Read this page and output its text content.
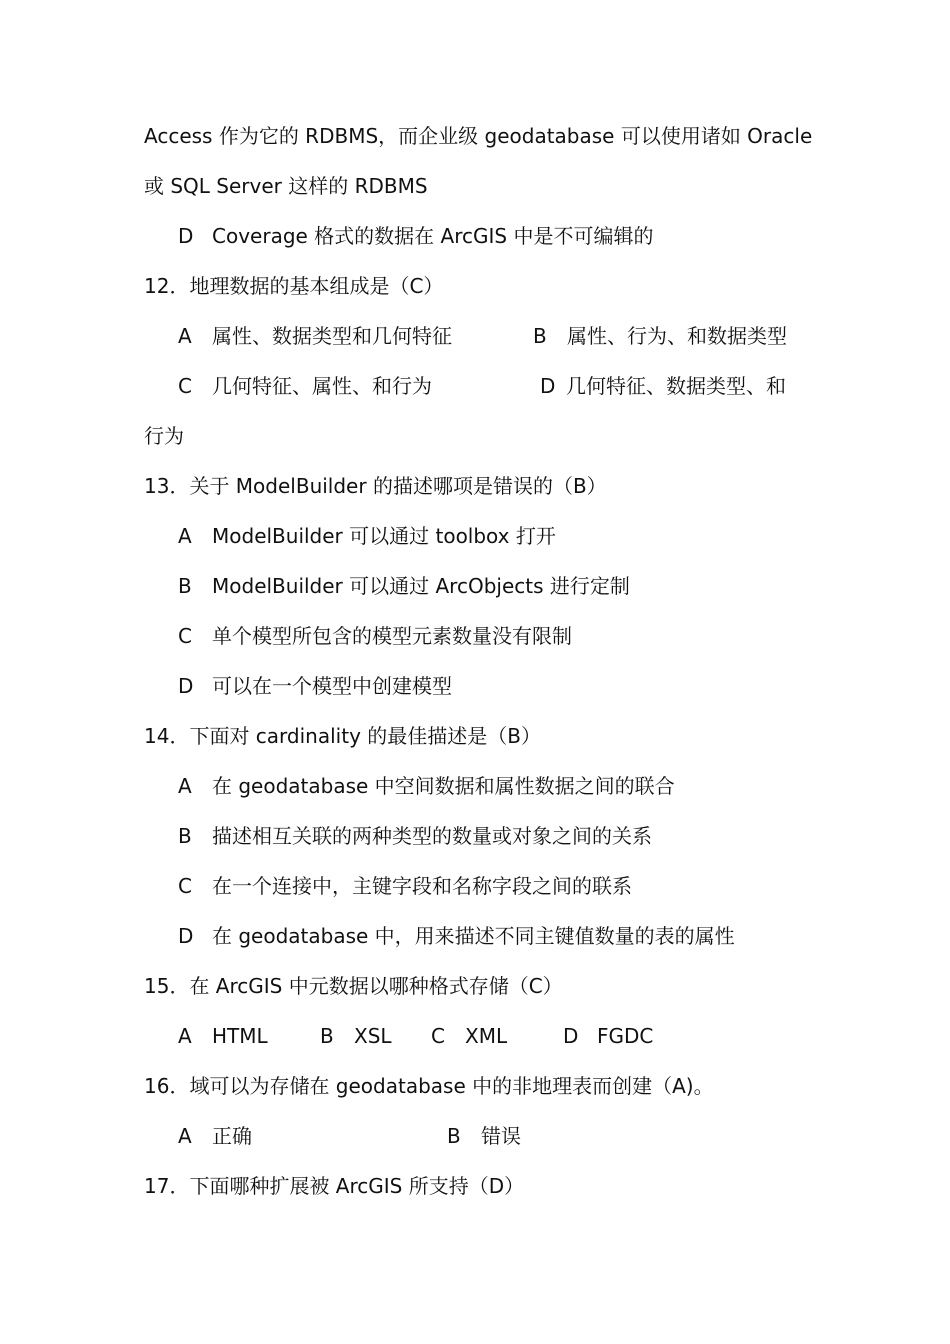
Access 作为它的 RDBMS，而企业级 geodatabase 可以使用诸如 Oracle
或 SQL Server 这样的 RDBMS
D Coverage 格式的数据在 ArcGIS 中是不可编辑的
12．地理数据的基本组成是（C）
A 属性、数据类型和几何特征	B 属性、行为、和数据类型
C 几何特征、属性、和行为	D 几何特征、数据类型、和
行为
13．关于 ModelBuilder 的描述哪项是错误的（B）
A ModelBuilder 可以通过 toolbox 打开
B ModelBuilder 可以通过 ArcObjects 进行定制
C 单个模型所包含的模型元素数量没有限制
D 可以在一个模型中创建模型
14．下面对 cardinality 的最佳描述是（B）
A 在 geodatabase 中空间数据和属性数据之间的联合
B 描述相互关联的两种类型的数量或对象之间的关系
C 在一个连接中，主键字段和名称字段之间的联系
D 在 geodatabase 中，用来描述不同主键值数量的表的属性
15．在 ArcGIS 中元数据以哪种格式存储（C）
A HTML	B XSL C XML	D FGDC
16．域可以为存储在 geodatabase 中的非地理表而创建（A)。
A 正确	B 错误
17．下面哪种扩展被 ArcGIS 所支持（D）
